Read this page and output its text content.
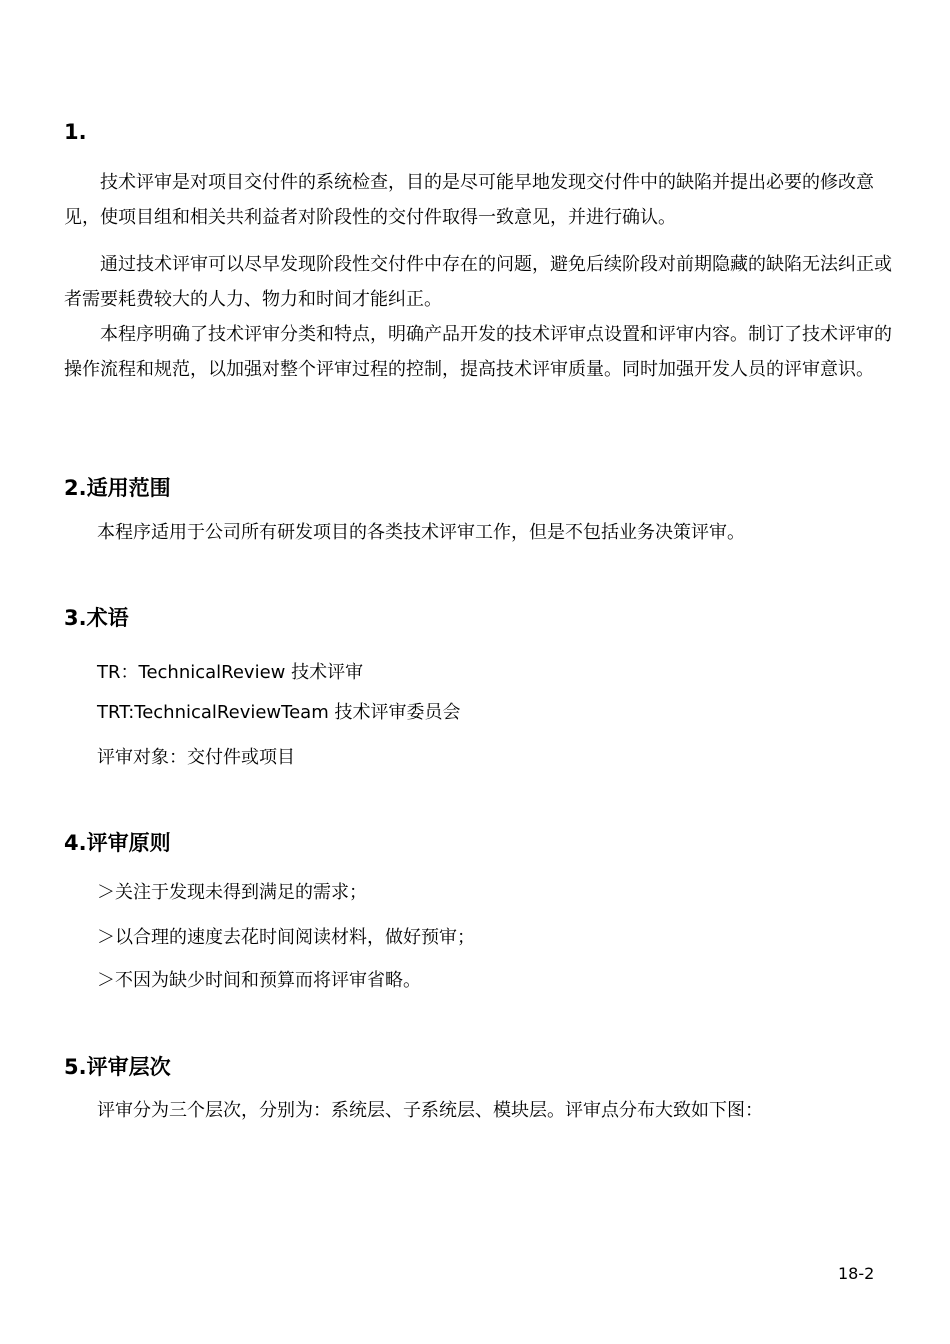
1.
技术评审是对项目交付件的系统检查，目的是尽可能早地发现交付件中的缺陷并提出必要的修改意见，使项目组和相关共利益者对阶段性的交付件取得一致意见，并进行确认。
通过技术评审可以尽早发现阶段性交付件中存在的问题，避免后续阶段对前期隐藏的缺陷无法纠正或者需要耗费较大的人力、物力和时间才能纠正。
本程序明确了技术评审分类和特点，明确产品开发的技术评审点设置和评审内容。制订了技术评审的操作流程和规范，以加强对整个评审过程的控制，提高技术评审质量。同时加强开发人员的评审意识。
2.适用范围
本程序适用于公司所有研发项目的各类技术评审工作，但是不包括业务决策评审。
3.术语
TR：TechnicalReview 技术评审
TRT:TechnicalReviewTeam 技术评审委员会
评审对象：交付件或项目
4.评审原则
＞关注于发现未得到满足的需求；
＞以合理的速度去花时间阅读材料，做好预审；
＞不因为缺少时间和预算而将评审省略。
5.评审层次
评审分为三个层次，分别为：系统层、子系统层、模块层。评审点分布大致如下图：
18-2
